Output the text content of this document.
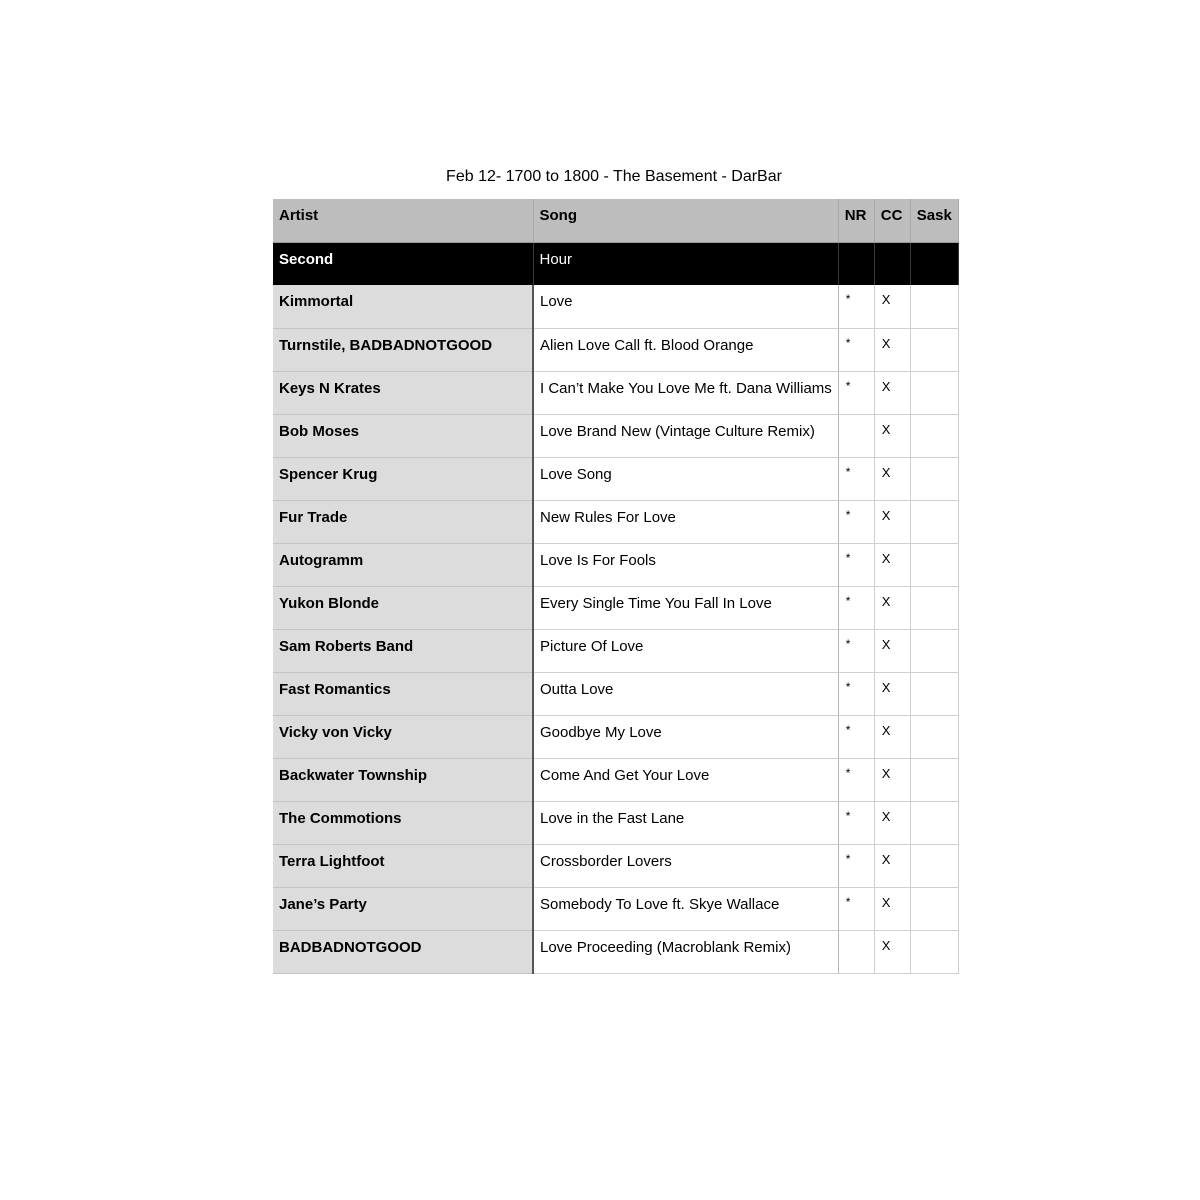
Feb 12- 1700 to 1800 - The Basement - DarBar
Artist	Song	NR	CC	Sask

Second	Hour			

Kimmortal	Love	*	X	

Turnstile, BADBADNOTGOOD	Alien Love Call ft. Blood Orange	*	X	

Keys N Krates	I Can’t Make You Love Me ft. Dana Williams	*	X	

Bob Moses	Love Brand New (Vintage Culture Remix)		X	

Spencer Krug	Love Song	*	X	

Fur Trade	New Rules For Love	*	X	

Autogramm	Love Is For Fools	*	X	

Yukon Blonde	Every Single Time You Fall In Love	*	X	

Sam Roberts Band	Picture Of Love	*	X	

Fast Romantics	Outta Love	*	X	

Vicky von Vicky	Goodbye My Love	*	X	

Backwater Township	Come And Get Your Love	*	X	

The Commotions	Love in the Fast Lane	*	X	

Terra Lightfoot	Crossborder Lovers	*	X	

Jane’s Party	Somebody To Love ft. Skye Wallace	*	X	

BADBADNOTGOOD	Love Proceeding (Macroblank Remix)		X	
